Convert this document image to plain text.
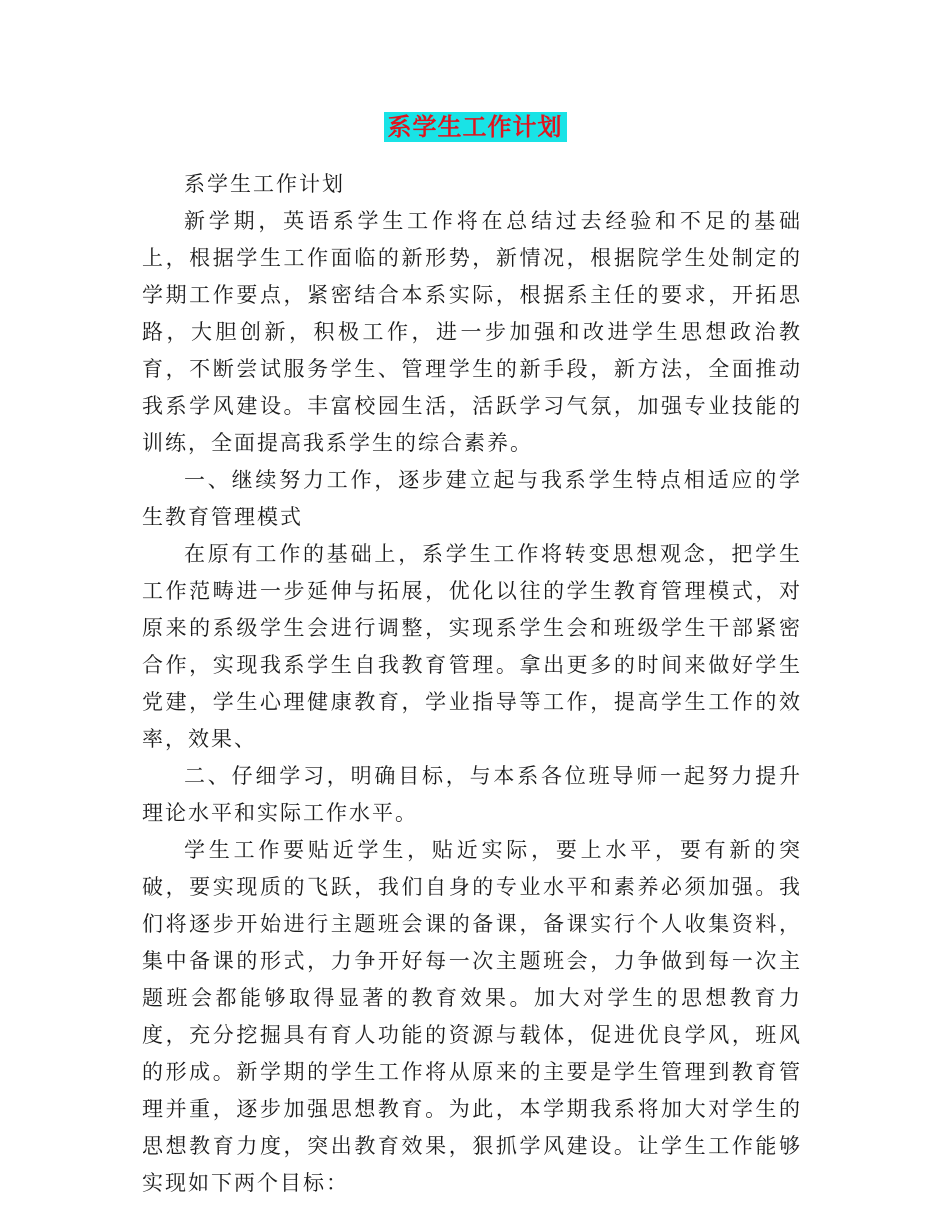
系学生工作计划

系学生工作计划

新学期，英语系学生工作将在总结过去经验和不足的基础上，根据学生工作面临的新形势，新情况，根据院学生处制定的学期工作要点，紧密结合本系实际，根据系主任的要求，开拓思路，大胆创新，积极工作，进一步加强和改进学生思想政治教育，不断尝试服务学生、管理学生的新手段，新方法，全面推动我系学风建设。丰富校园生活，活跃学习气氛，加强专业技能的训练，全面提高我系学生的综合素养。

一、继续努力工作，逐步建立起与我系学生特点相适应的学生教育管理模式

在原有工作的基础上，系学生工作将转变思想观念，把学生工作范畴进一步延伸与拓展，优化以往的学生教育管理模式，对原来的系级学生会进行调整，实现系学生会和班级学生干部紧密合作，实现我系学生自我教育管理。拿出更多的时间来做好学生党建，学生心理健康教育，学业指导等工作，提高学生工作的效率，效果、

二、仔细学习，明确目标，与本系各位班导师一起努力提升理论水平和实际工作水平。

学生工作要贴近学生，贴近实际，要上水平，要有新的突破，要实现质的飞跃，我们自身的专业水平和素养必须加强。我们将逐步开始进行主题班会课的备课，备课实行个人收集资料，集中备课的形式，力争开好每一次主题班会，力争做到每一次主题班会都能够取得显著的教育效果。加大对学生的思想教育力度，充分挖掘具有育人功能的资源与载体，促进优良学风，班风的形成。新学期的学生工作将从原来的主要是学生管理到教育管理并重，逐步加强思想教育。为此，本学期我系将加大对学生的思想教育力度，突出教育效果，狠抓学风建设。让学生工作能够实现如下两个目标：
